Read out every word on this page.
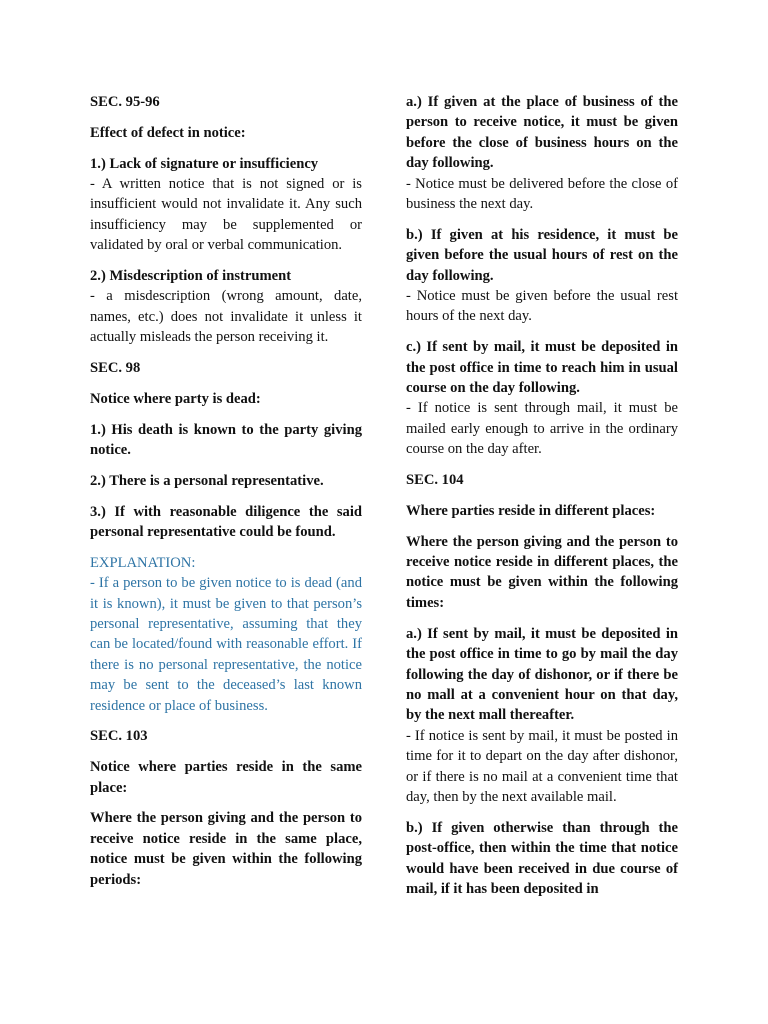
SEC. 95-96
Effect of defect in notice:

1.) Lack of signature or insufficiency

- A written notice that is not signed or is insufficient would not invalidate it. Any such insufficiency may be supplemented or validated by oral or verbal communication.

2.) Misdescription of instrument

- a misdescription (wrong amount, date, names, etc.) does not invalidate it unless it actually misleads the person receiving it.

SEC. 98
Notice where party is dead:
1.) His death is known to the party giving notice.
2.) There is a personal representative.
3.) If with reasonable diligence the said personal representative could be found.

EXPLANATION:

- If a person to be given notice to is dead (and it is known), it must be given to that person’s personal representative, assuming that they can be located/found with reasonable effort. If there is no personal representative, the notice may be sent to the deceased’s last known residence or place of business.

SEC. 103
Notice where parties reside in the same place:
Where the person giving and the person to receive notice reside in the same place, notice must be given within the following periods:

a.) If given at the place of business of the person to receive notice, it must be given before the close of business hours on the day following.

- Notice must be delivered before the close of business the next day.

b.) If given at his residence, it must be given before the usual hours of rest on the day following.

- Notice must be given before the usual rest hours of the next day.

c.) If sent by mail, it must be deposited in the post office in time to reach him in usual course on the day following.

- If notice is sent through mail, it must be mailed early enough to arrive in the ordinary course on the day after.

SEC. 104
Where parties reside in different places:
Where the person giving and the person to receive notice reside in different places, the notice must be given within the following times:

a.) If sent by mail, it must be deposited in the post office in time to go by mail the day following the day of dishonor, or if there be no mall at a convenient hour on that day, by the next mall thereafter.

- If notice is sent by mail, it must be posted in time for it to depart on the day after dishonor, or if there is no mail at a convenient time that day, then by the next available mail.

b.) If given otherwise than through the post-office, then within the time that notice would have been received in due course of mail, if it has been deposited in
